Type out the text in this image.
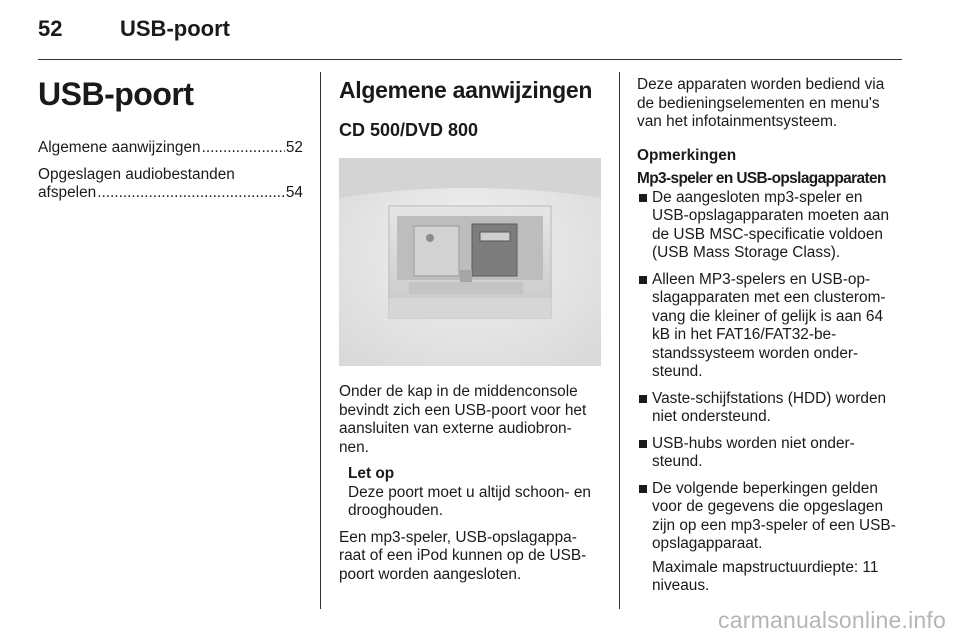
52	USB-poort
USB-poort
Algemene aanwijzingen .....	52
Opgeslagen audiobestanden
afspelen .....	54
Algemene aanwijzingen
CD 500/DVD 800

Onder de kap in de middenconsole bevindt zich een USB-poort voor het aansluiten van externe audiobron- nen.

Let op
Deze poort moet u altijd schoon- en drooghouden.

Een mp3-speler, USB-opslagappa- raat of een iPod kunnen op de USB- poort worden aangesloten.

Deze apparaten worden bediend via de bedieningselementen en menu's van het infotainmentsysteem.

Opmerkingen
Mp3-speler en USB-opslagapparaten
De aangesloten mp3-speler en USB-opslagapparaten moeten aan de USB MSC-specificatie voldoen (USB Mass Storage Class).
Alleen MP3-spelers en USB-op- slagapparaten met een clusterom- vang die kleiner of gelijk is aan 64 kB in het FAT16/FAT32-be- standssysteem worden onder- steund.
Vaste-schijfstations (HDD) worden niet ondersteund.
USB-hubs worden niet onder- steund.
De volgende beperkingen gelden voor de gegevens die opgeslagen zijn op een mp3-speler of een USB- opslagapparaat.

Maximale mapstructuurdiepte: 11 niveaus.

carmanualsonline.info
